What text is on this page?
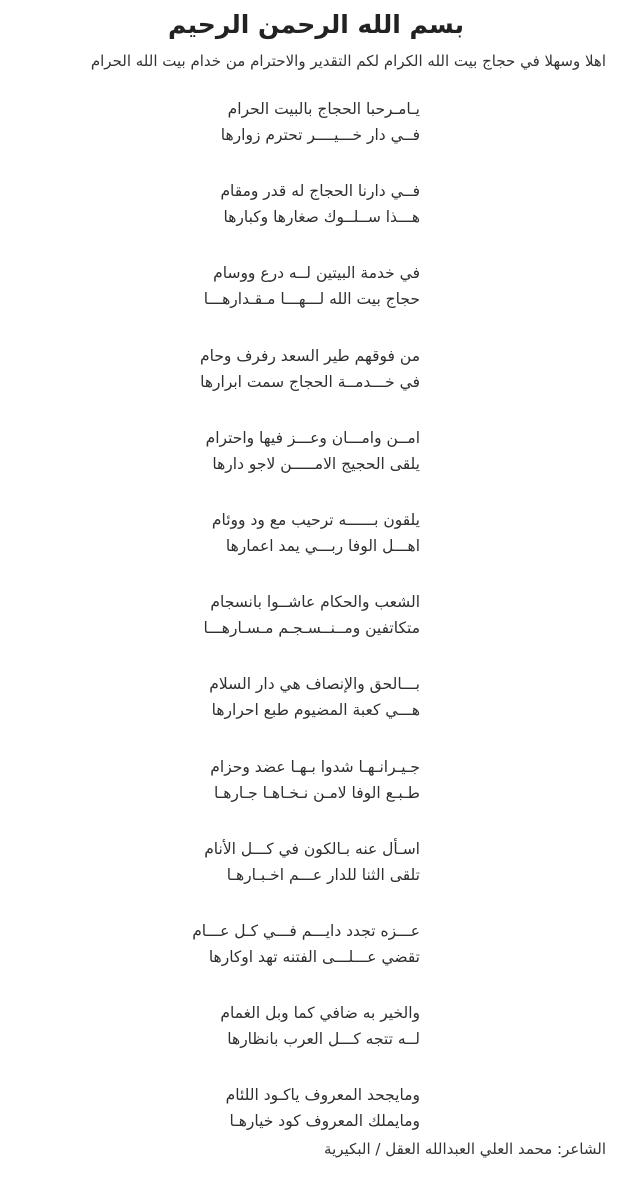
بسم الله الرحمن الرحيم
اهلا وسهلا في حجاج بيت الله الكرام لكم التقدير والاحترام من خدام بيت الله الحرام
يـامـرحبا الحجاج بالبيت الحرام
فــي دار خـــيــــر تحترم زوارها
فــي دارنا الحجاج له قدر ومقام
هـــذا ســلــوك صغارها وكبارها
في خدمة البيتين لــه درع ووسام
حجاج بيت الله لـــهـــا مـقـدارهـــا
من فوقهم طير السعد رفرف وحام
في خـــدمــة الحجاج سمت ابرارها
امــن وامـــان وعـــز فيها واحترام
يلقى الحجيج الامـــــن لاجو دارها
يلقون بــــــه ترحيب مع ود ووئام
اهـــل الوفا ربـــي يمد اعمارها
الشعب والحكام عاشــوا بانسجام
متكاتفين ومــنــسـجـم مـسـارهـــا
بـــالحق والإنصاف هي دار السلام
هـــي كعبة المضيوم طبع احرارها
جـيـرانـهـا شدوا بـهـا عضد وحزام
طـبـع الوفا لامـن نـخـاهـا جـارهـا
اسـأل عنه بـالكون في كـــل الأنام
تلقى الثنا للدار عـــم اخـبـارهـا
عـــزه تجدد دايـــم فـــي كـل عـــام
تقضي عـــلـــى الفتنه تهد اوكارها
والخير به ضافي كما وبل الغمام
لــه تتجه كـــل العرب بانظارها
ومايجحد المعروف ياكـود اللئام
ومايملك المعروف كود خيارهـا
الشاعر: محمد العلي العبدالله العقل / البكيرية
